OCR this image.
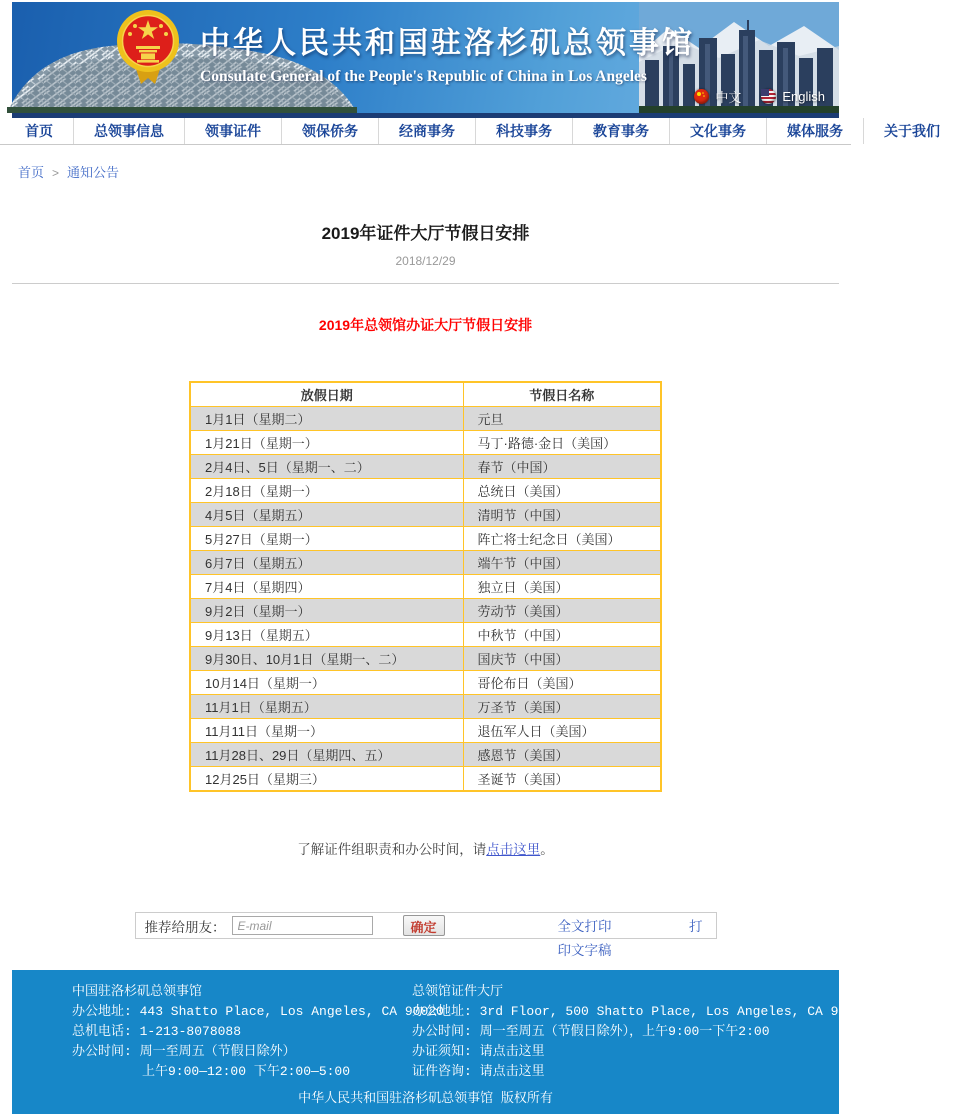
中华人民共和国驻洛杉矶总领事馆
Consulate General of the People's Republic of China in Los Angeles
中文	English
首页	总领事信息	领事证件	领保侨务	经商事务	科技事务	教育事务	文化事务	媒体服务	关于我们
首页 > 通知公告
2019年证件大厅节假日安排
2018/12/29
2019年总领馆办证大厅节假日安排
放假日期	节假日名称
1月1日（星期二）	元旦
1月21日（星期一）	马丁·路德·金日（美国）
2月4日、5日（星期一、二）	春节（中国）
2月18日（星期一）	总统日（美国）
4月5日（星期五）	清明节（中国）
5月27日（星期一）	阵亡将士纪念日（美国）
6月7日（星期五）	端午节（中国）
7月4日（星期四）	独立日（美国）
9月2日（星期一）	劳动节（美国）
9月13日（星期五）	中秋节（中国）
9月30日、10月1日（星期一、二）	国庆节（中国）
10月14日（星期一）	哥伦布日（美国）
11月1日（星期五）	万圣节（美国）
11月11日（星期一）	退伍军人日（美国）
11月28日、29日（星期四、五）	感恩节（美国）
12月25日（星期三）	圣诞节（美国）

了解证件组职责和办公时间，请点击这里。

推荐给朋友：
E-mail	确定	全文打印	打
印文字稿
中国驻洛杉矶总领事馆
办公地址: 443 Shatto Place, Los Angeles, CA 90020
总机电话: 1-213-8078088
办公时间: 周一至周五（节假日除外）
上午9:00—12:00 下午2:00—5:00
总领馆证件大厅
办公地址: 3rd Floor, 500 Shatto Place, Los Angeles, CA 90020
办公时间: 周一至周五（节假日除外），上午9:00一下午2:00
办证须知: 请点击这里
证件咨询: 请点击这里
中华人民共和国驻洛杉矶总领事馆 版权所有
